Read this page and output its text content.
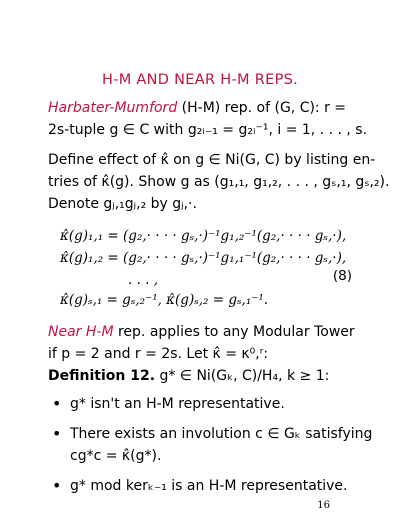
H-M AND NEAR H-M REPS.
Harbater-Mumford (H-M) rep. of (G, C): r =
2s-tuple g ∈ C with g₂ᵢ₋₁ = g₂ᵢ⁻¹, i = 1, . . . , s.
Define effect of κ̂ on g ∈ Ni(G, C) by listing en-
tries of κ̂(g). Show g as (g₁,₁, g₁,₂, . . . , gₛ,₁, gₛ,₂).
Denote gⱼ,₁gⱼ,₂ by gⱼ,·.
κ̂(g)₁,₁ = (g₂,· · · · gₛ,·)⁻¹g₁,₂⁻¹(g₂,· · · · gₛ,·),
κ̂(g)₁,₂ = (g₂,· · · · gₛ,·)⁻¹g₁,₁⁻¹(g₂,· · · · gₛ,·),
. . . ,
κ̂(g)ₛ,₁ = gₛ,₂⁻¹, κ̂(g)ₛ,₂ = gₛ,₁⁻¹.
(8)
Near H-M rep. applies to any Modular Tower
if p = 2 and r = 2s. Let κ̂ = κ⁰,ʳ:
Definition 12. g* ∈ Ni(Gₖ, C)/H₄, k ≥ 1:
• g* isn't an H-M representative.
• There exists an involution c ∈ Gₖ satisfying
cg*c = κ̂(g*).
• g* mod kerₖ₋₁ is an H-M representative.
16
